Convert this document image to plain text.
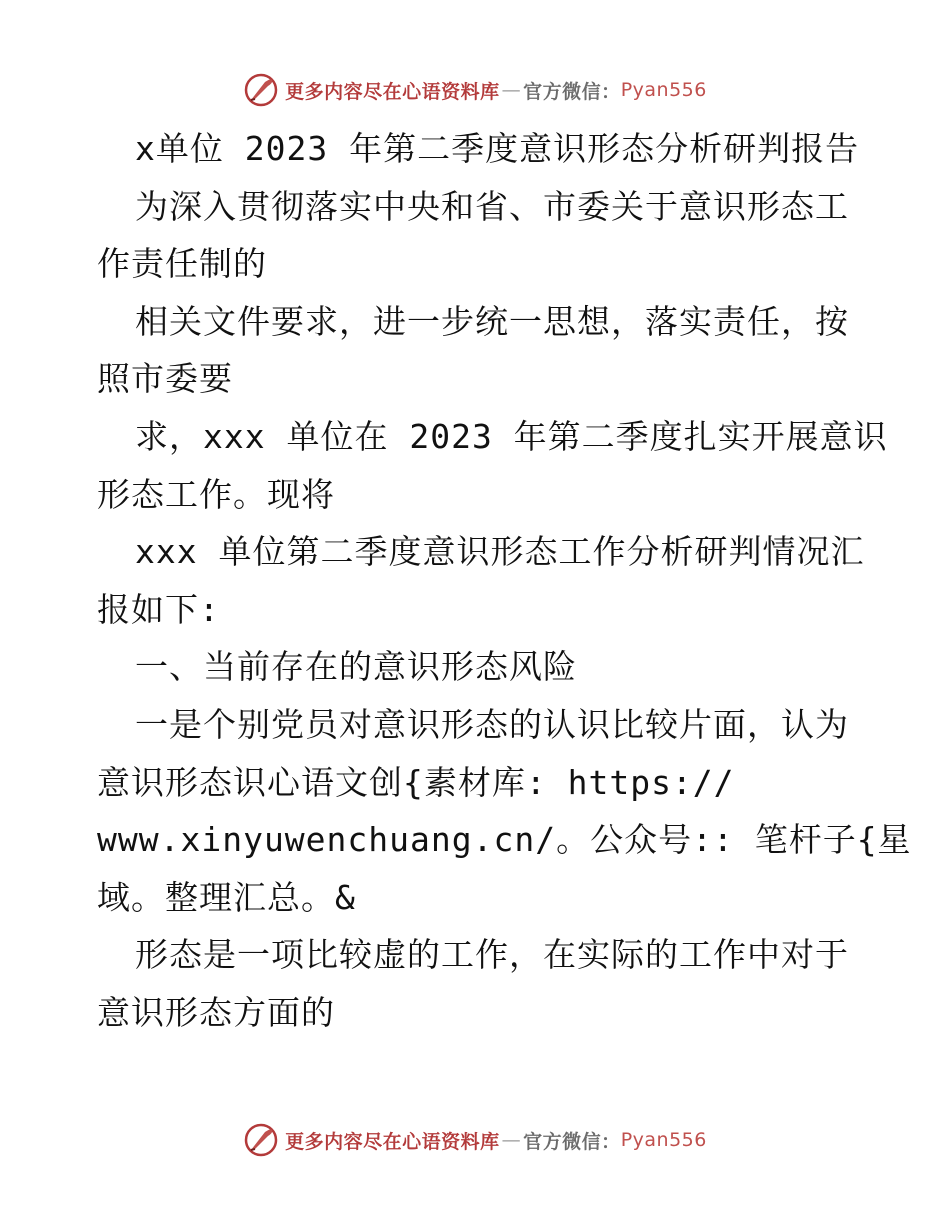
更多内容尽在心语资料库 — 官方微信： Pyan556
x单位 2023 年第二季度意识形态分析研判报告
为深入贯彻落实中央和省、市委关于意识形态工
作责任制的
相关文件要求，进一步统一思想，落实责任，按
照市委要
求，xxx 单位在 2023 年第二季度扎实开展意识
形态工作。现将
xxx 单位第二季度意识形态工作分析研判情况汇
报如下:
一、当前存在的意识形态风险
一是个别党员对意识形态的认识比较片面，认为
意识形态识心语文创{素材库: https://
www.xinyuwenchuang.cn/。公众号:: 笔杆子{星
域。整理汇总。&
形态是一项比较虚的工作，在实际的工作中对于
意识形态方面的
更多内容尽在心语资料库 — 官方微信： Pyan556
